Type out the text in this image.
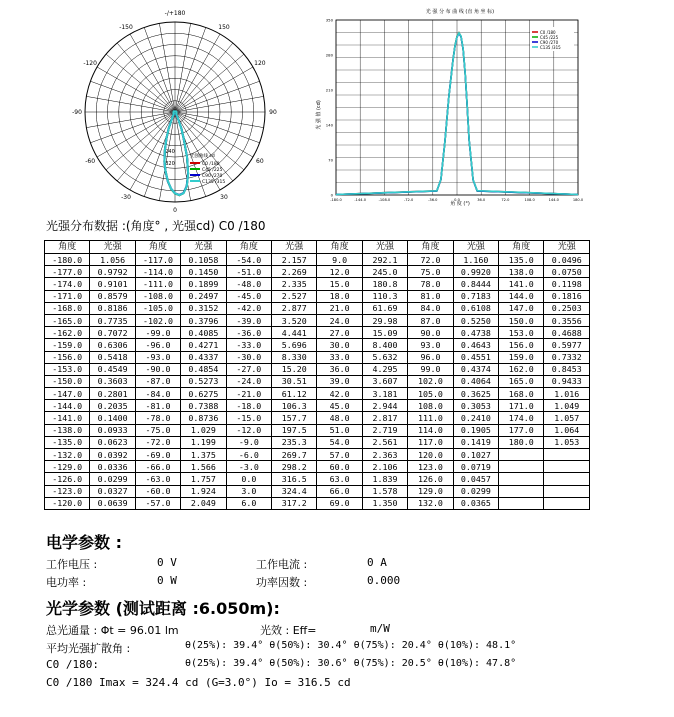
-150	150
-120	120
-90	90
-60	60
-30	30
0
-/+180
240
320
光强曲线 cd
C0 /180
C45 /225
C90 /270
C135 /315
光 强 分 布 曲 线 (直 角 坐 标)
光 强 值 (cd)
角 度 (°)
-180.0	-144.0	-108.0	-72.0	-36.0	0.0	36.0	72.0	108.0	144.0	180.0
0
70
140
210
280
350
C0 /180
C45 /225
C90 /270
C135 /315
光强分布数据 :(角度° , 光强cd) C0 /180
角度	光强	角度	光强	角度	光强	角度	光强	角度	光强	角度	光强
-180.0	1.056	-117.0	0.1058	-54.0	2.157	9.0	292.1	72.0	1.160	135.0	0.0496
-177.0	0.9792	-114.0	0.1450	-51.0	2.269	12.0	245.0	75.0	0.9920	138.0	0.0750
-174.0	0.9101	-111.0	0.1899	-48.0	2.335	15.0	180.8	78.0	0.8444	141.0	0.1198
-171.0	0.8579	-108.0	0.2497	-45.0	2.527	18.0	110.3	81.0	0.7183	144.0	0.1816
-168.0	0.8186	-105.0	0.3152	-42.0	2.877	21.0	61.69	84.0	0.6108	147.0	0.2503
-165.0	0.7735	-102.0	0.3796	-39.0	3.520	24.0	29.98	87.0	0.5250	150.0	0.3556
-162.0	0.7072	-99.0	0.4085	-36.0	4.441	27.0	15.09	90.0	0.4738	153.0	0.4688
-159.0	0.6306	-96.0	0.4271	-33.0	5.696	30.0	8.400	93.0	0.4643	156.0	0.5977
-156.0	0.5418	-93.0	0.4337	-30.0	8.330	33.0	5.632	96.0	0.4551	159.0	0.7332
-153.0	0.4549	-90.0	0.4854	-27.0	15.20	36.0	4.295	99.0	0.4374	162.0	0.8453
-150.0	0.3603	-87.0	0.5273	-24.0	30.51	39.0	3.607	102.0	0.4064	165.0	0.9433
-147.0	0.2801	-84.0	0.6275	-21.0	61.12	42.0	3.181	105.0	0.3625	168.0	1.016
-144.0	0.2035	-81.0	0.7388	-18.0	106.3	45.0	2.944	108.0	0.3053	171.0	1.049
-141.0	0.1400	-78.0	0.8736	-15.0	157.7	48.0	2.817	111.0	0.2410	174.0	1.057
-138.0	0.0933	-75.0	1.029	-12.0	197.5	51.0	2.719	114.0	0.1905	177.0	1.064
-135.0	0.0623	-72.0	1.199	-9.0	235.3	54.0	2.561	117.0	0.1419	180.0	1.053
-132.0	0.0392	-69.0	1.375	-6.0	269.7	57.0	2.363	120.0	0.1027		
-129.0	0.0336	-66.0	1.566	-3.0	298.2	60.0	2.106	123.0	0.0719		
-126.0	0.0299	-63.0	1.757	0.0	316.5	63.0	1.839	126.0	0.0457		
-123.0	0.0327	-60.0	1.924	3.0	324.4	66.0	1.578	129.0	0.0299		
-120.0	0.0639	-57.0	2.049	6.0	317.2	69.0	1.350	132.0	0.0365		
电学参数 :
工作电压 :	0 V	工作电流 :	0 A
电功率 :	0 W	功率因数 :	0.000
光学参数 (测试距离 :6.050m):
总光通量 : Φt = 96.01 lm	光效 : Eff=	m/W
平均光强扩散角 :	θ(25%): 39.4° θ(50%): 30.4° θ(75%): 20.4° θ(10%): 48.1°
C0 /180:	θ(25%): 39.4° θ(50%): 30.6° θ(75%): 20.5° θ(10%): 47.8°
C0 /180 Imax = 324.4 cd (G=3.0°) Io = 316.5 cd
